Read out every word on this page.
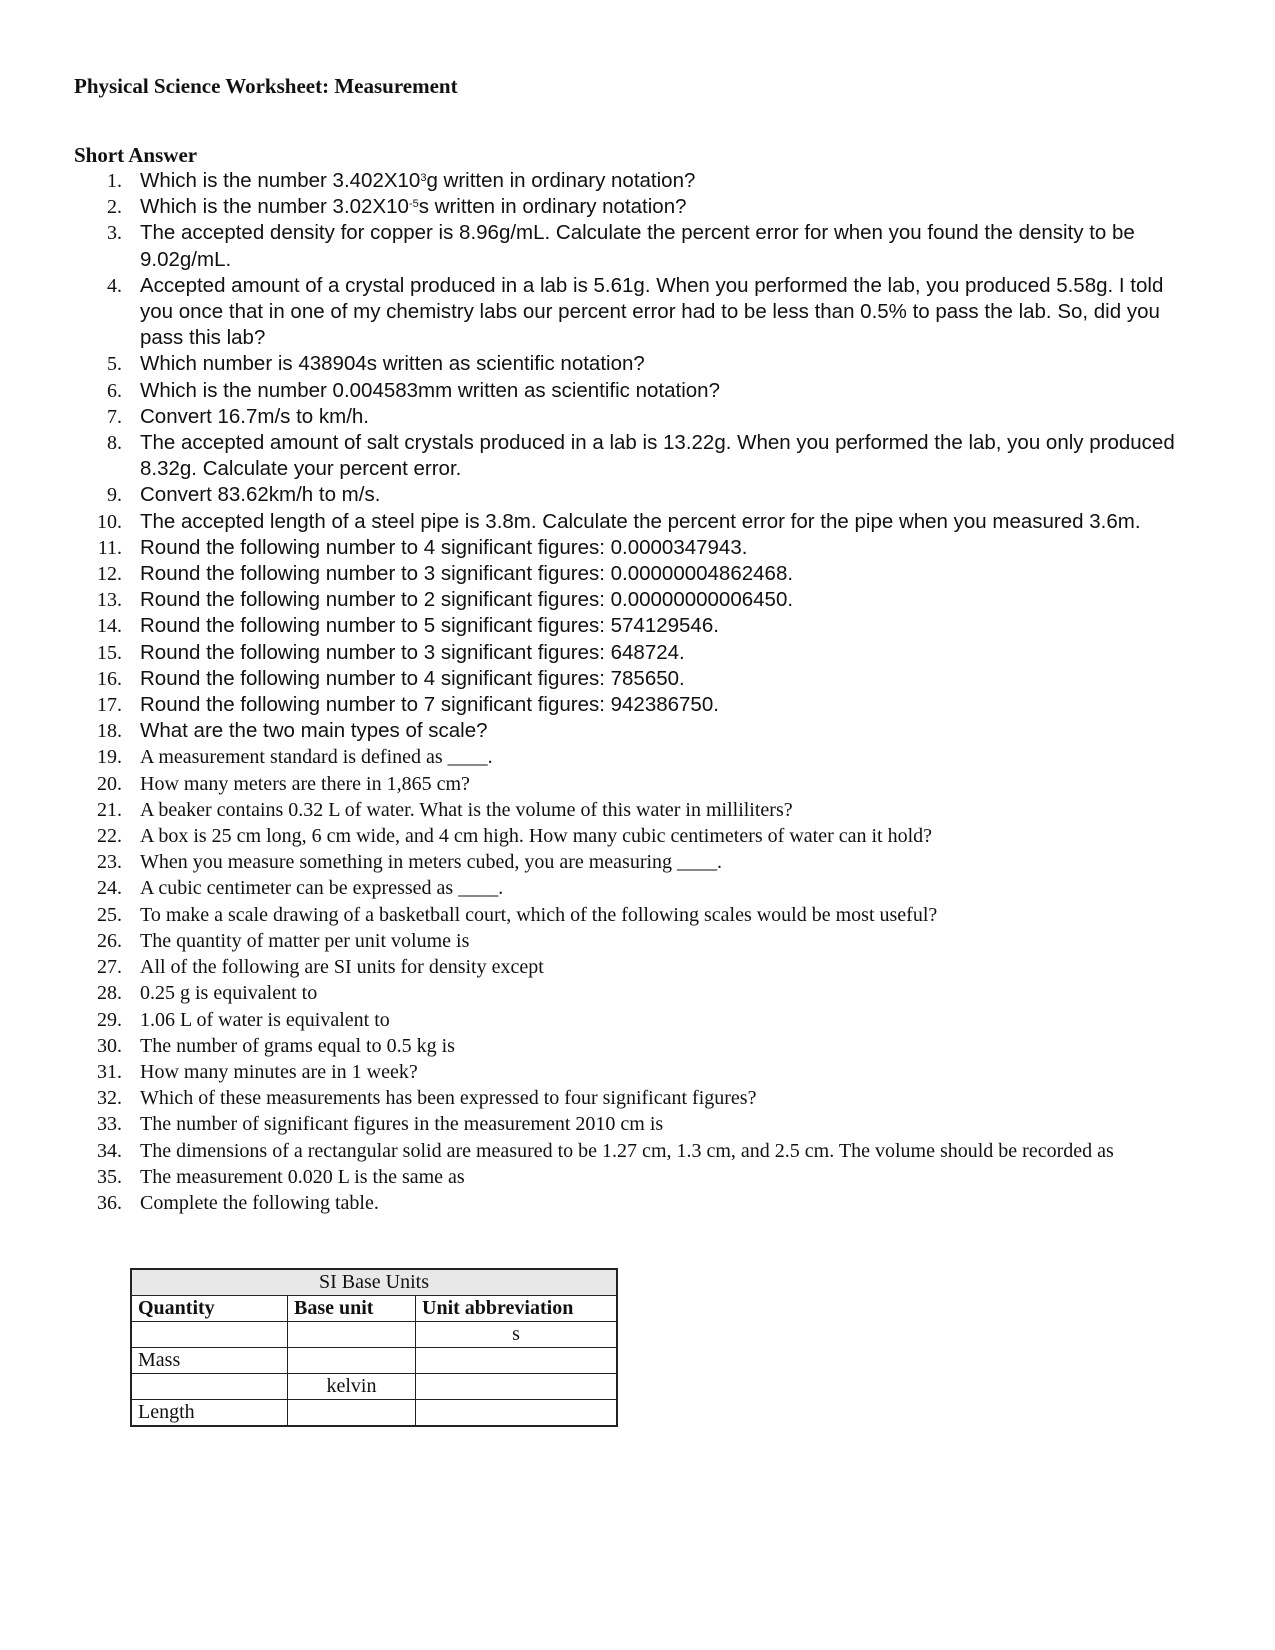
Physical Science Worksheet: Measurement
Short Answer
1. Which is the number $3.402X10^3g$ written in ordinary notation?
2. Which is the number $3.02X10^{-5}s$ written in ordinary notation?
3. The accepted density for copper is 8.96g/mL. Calculate the percent error for when you found the density to be 9.02g/mL.
4. Accepted amount of a crystal produced in a lab is 5.61g. When you performed the lab, you produced 5.58g. I told you once that in one of my chemistry labs our percent error had to be less than 0.5% to pass the lab. So, did you pass this lab?
5. Which number is 438904s written as scientific notation?
6. Which is the number 0.004583mm written as scientific notation?
7. Convert 16.7m/s to km/h.
8. The accepted amount of salt crystals produced in a lab is 13.22g. When you performed the lab, you only produced 8.32g. Calculate your percent error.
9. Convert 83.62km/h to m/s.
10. The accepted length of a steel pipe is 3.8m. Calculate the percent error for the pipe when you measured 3.6m.
11. Round the following number to 4 significant figures: 0.0000347943.
12. Round the following number to 3 significant figures: 0.00000004862468.
13. Round the following number to 2 significant figures: 0.00000000006450.
14. Round the following number to 5 significant figures: 574129546.
15. Round the following number to 3 significant figures: 648724.
16. Round the following number to 4 significant figures: 785650.
17. Round the following number to 7 significant figures: 942386750.
18. What are the two main types of scale?
19. A measurement standard is defined as ____.
20. How many meters are there in 1,865 cm?
21. A beaker contains 0.32 L of water. What is the volume of this water in milliliters?
22. A box is 25 cm long, 6 cm wide, and 4 cm high. How many cubic centimeters of water can it hold?
23. When you measure something in meters cubed, you are measuring ____.
24. A cubic centimeter can be expressed as ____.
25. To make a scale drawing of a basketball court, which of the following scales would be most useful?
26. The quantity of matter per unit volume is
27. All of the following are SI units for density except
28. 0.25 g is equivalent to
29. 1.06 L of water is equivalent to
30. The number of grams equal to 0.5 kg is
31. How many minutes are in 1 week?
32. Which of these measurements has been expressed to four significant figures?
33. The number of significant figures in the measurement 2010 cm is
34. The dimensions of a rectangular solid are measured to be 1.27 cm, 1.3 cm, and 2.5 cm. The volume should be recorded as
35. The measurement 0.020 L is the same as
36. Complete the following table.
SI Base Units		
Quantity	Base unit	Unit abbreviation
		s
Mass		
	kelvin	
Length		
